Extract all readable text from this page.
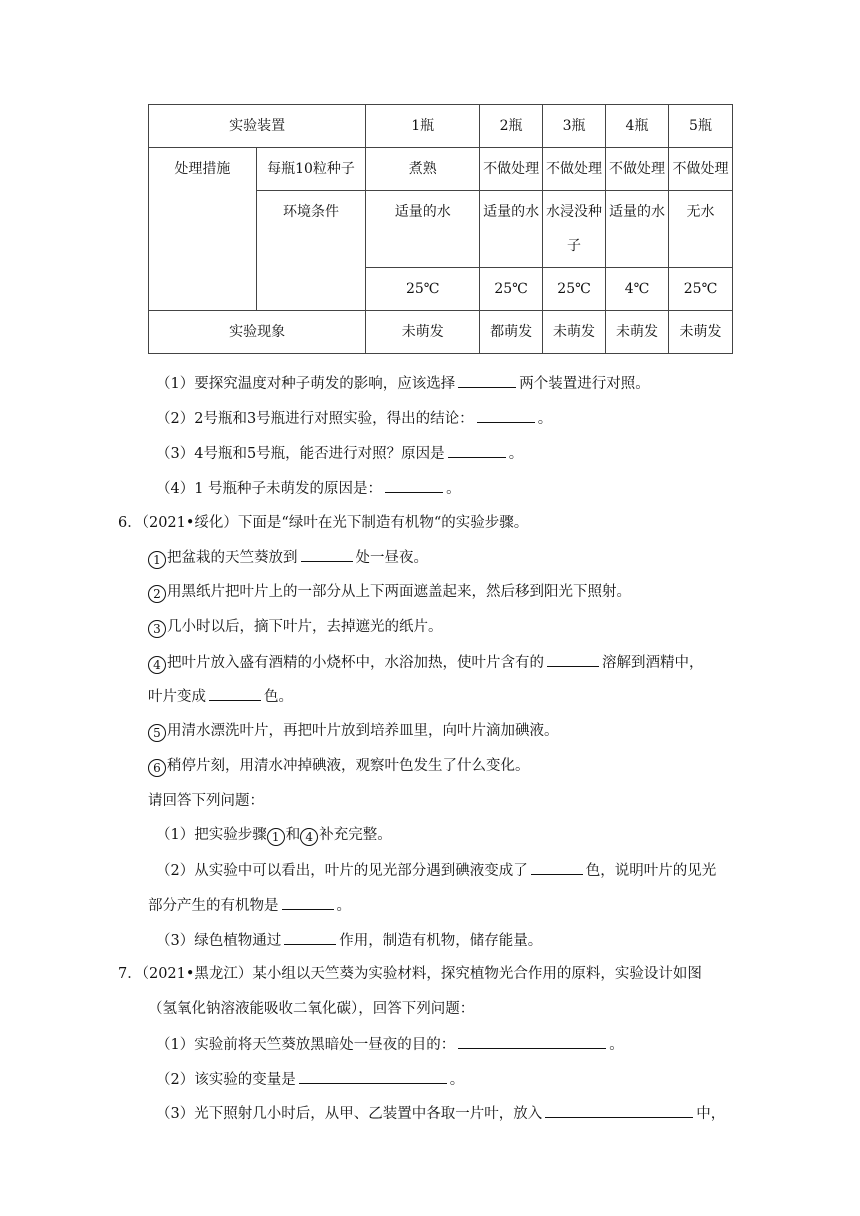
实验装置		1瓶	2瓶	3瓶	4瓶	5瓶
处理措施	每瓶10粒种子	煮熟	不做处理	不做处理	不做处理	不做处理
	环境条件	适量的水	适量的水	水浸没种子	适量的水	无水
		25℃	25℃	25℃	4℃	25℃
实验现象		未萌发	都萌发	未萌发	未萌发	未萌发
（1）要探究温度对种子萌发的影响，应该选择	两个装置进行对照。
（2）2号瓶和3号瓶进行对照实验，得出的结论：	。
（3）4号瓶和5号瓶，能否进行对照？原因是	。
（4）1 号瓶种子未萌发的原因是：	。
6．（2021•绥化）下面是“绿叶在光下制造有机物“的实验步骤。
1 把盆栽的天竺葵放到	处一昼夜。
2 用黑纸片把叶片上的一部分从上下两面遮盖起来，然后移到阳光下照射。
3 几小时以后，摘下叶片，去掉遮光的纸片。
4 把叶片放入盛有酒精的小烧杯中，水浴加热，使叶片含有的	溶解到酒精中，
叶片变成	色。
5 用清水漂洗叶片，再把叶片放到培养皿里，向叶片滴加碘液。
6 稍停片刻，用清水冲掉碘液，观察叶色发生了什么变化。
请回答下列问题：
（1）把实验步骤 1 和 4 补充完整。
（2）从实验中可以看出，叶片的见光部分遇到碘液变成了	色，说明叶片的见光
部分产生的有机物是	。
（3）绿色植物通过	作用，制造有机物，储存能量。
7．（2021•黑龙江）某小组以天竺葵为实验材料，探究植物光合作用的原料，实验设计如图
（氢氧化钠溶液能吸收二氧化碳），回答下列问题：
（1）实验前将天竺葵放黑暗处一昼夜的目的：	。
（2）该实验的变量是	。
（3）光下照射几小时后，从甲、乙装置中各取一片叶，放入	中，
